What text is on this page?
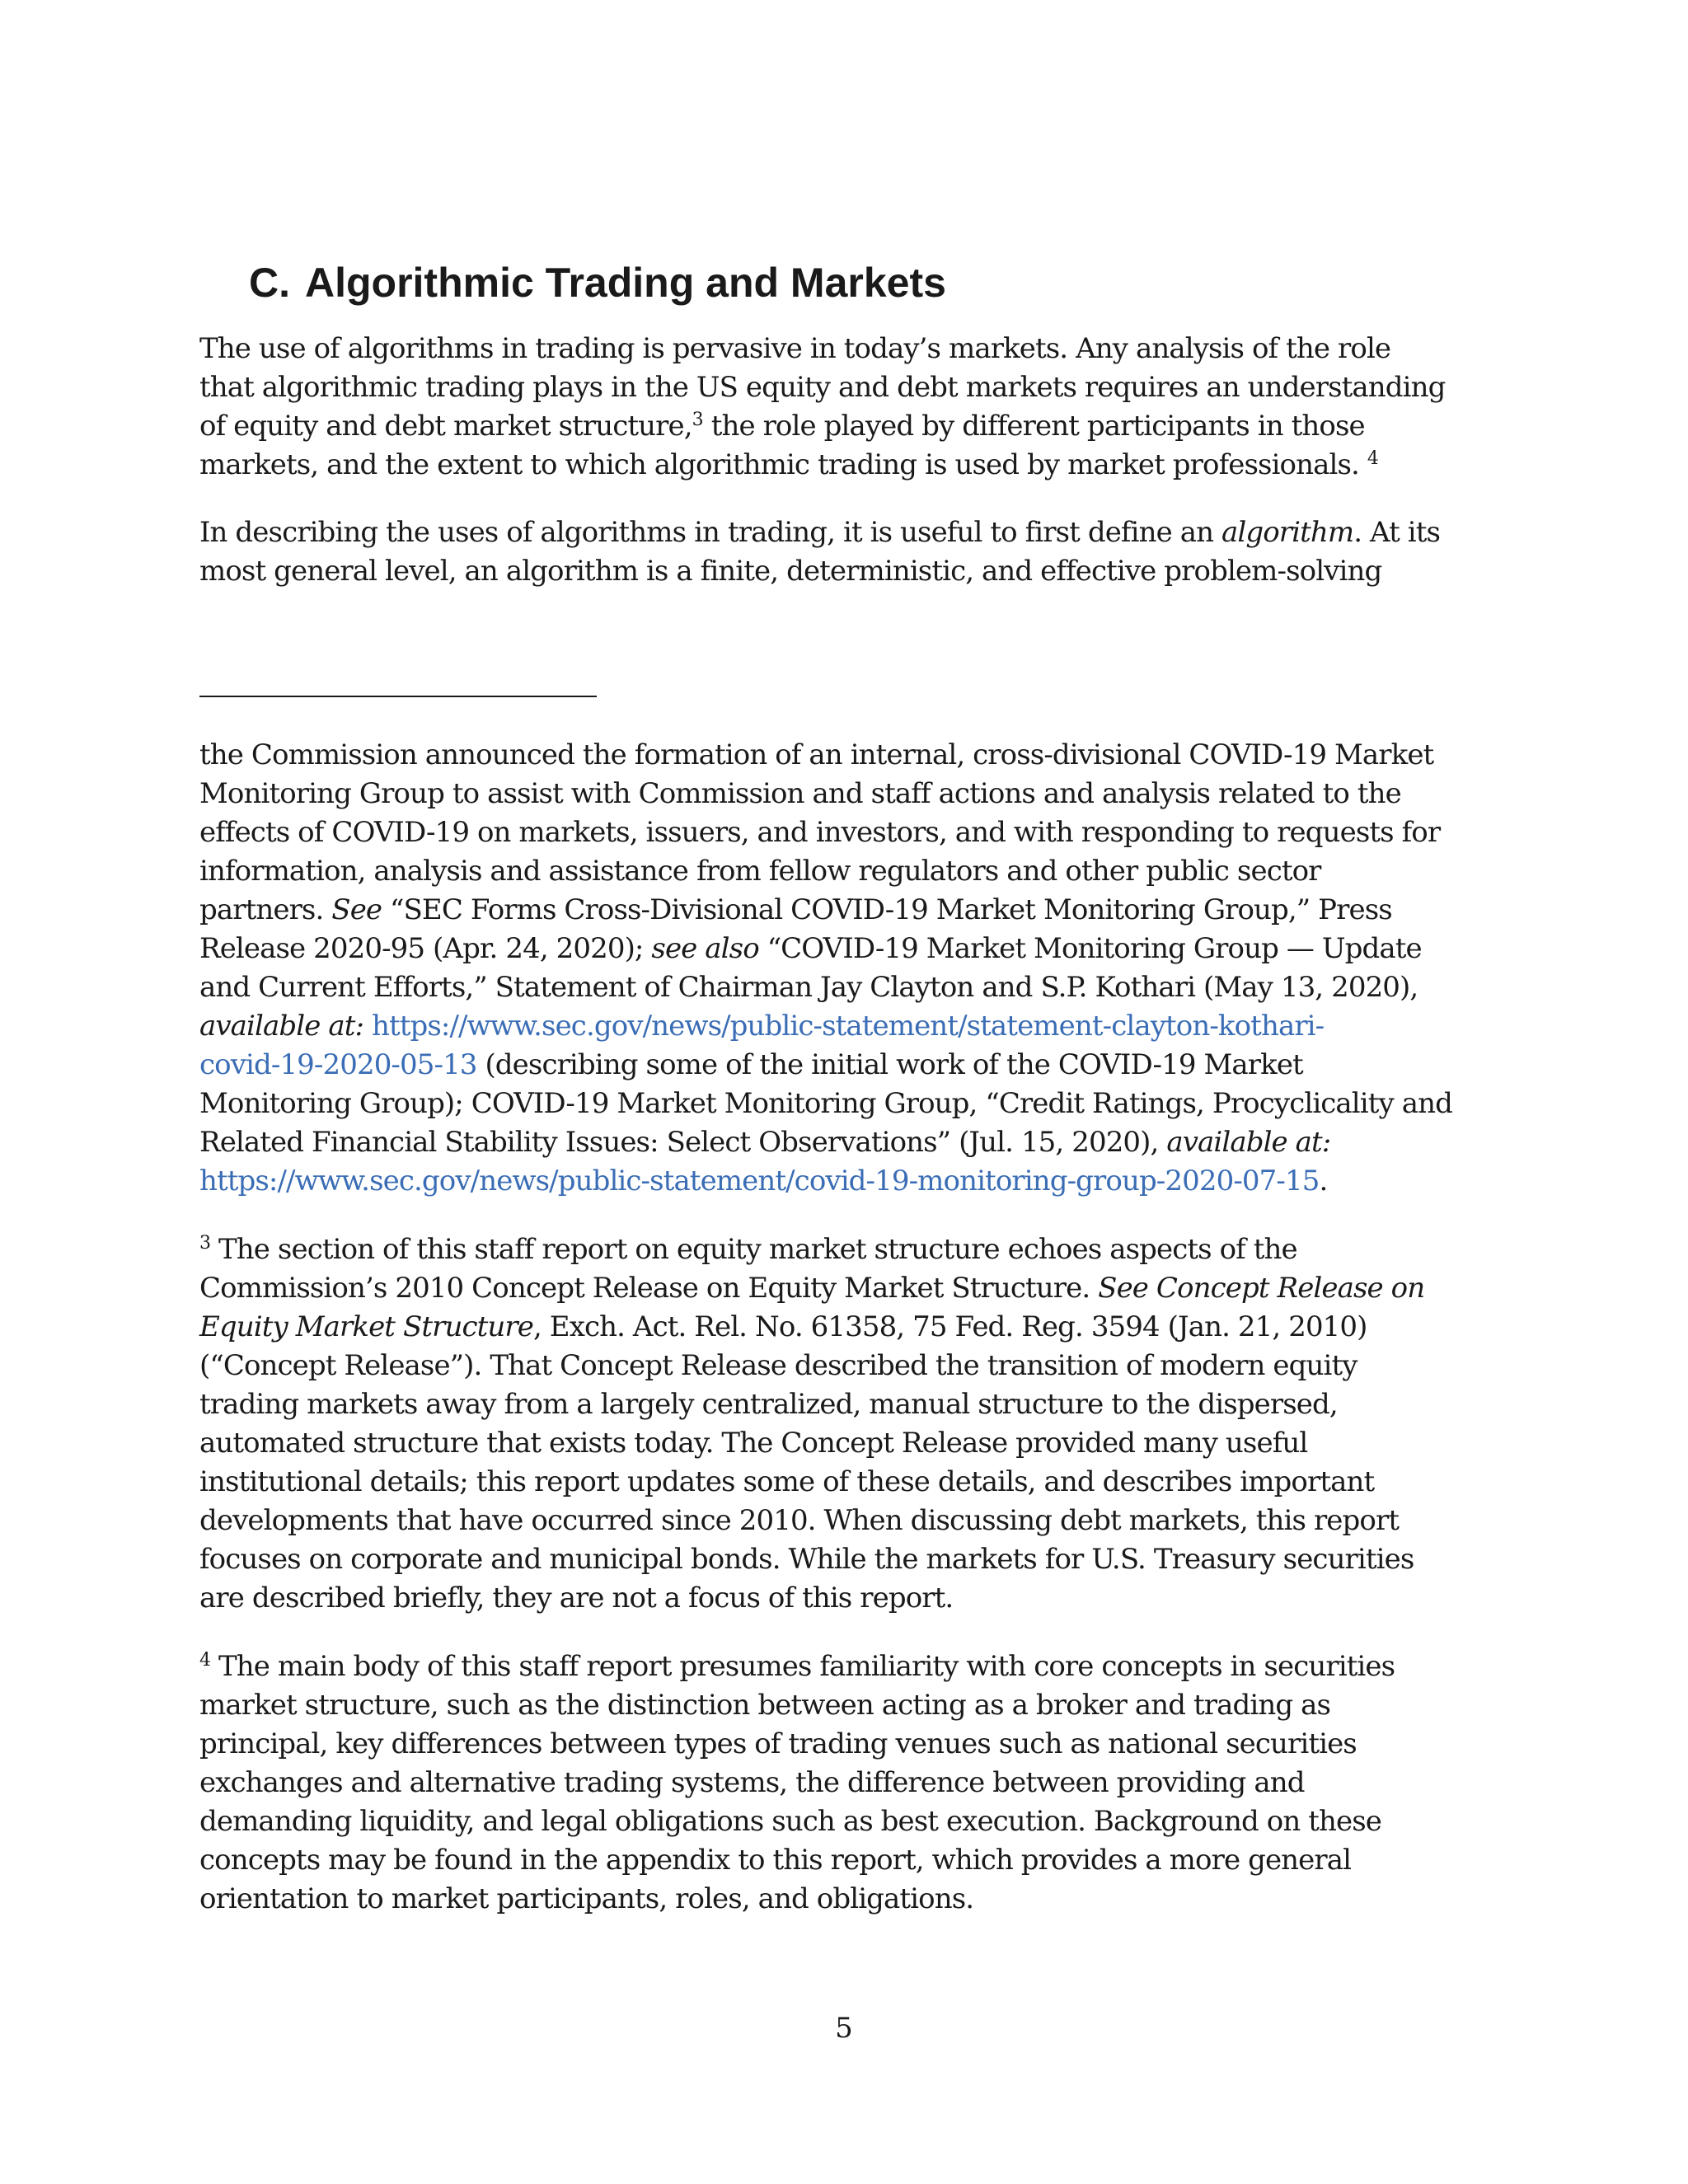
C. Algorithmic Trading and Markets

The use of algorithms in trading is pervasive in today’s markets. Any analysis of the role
that algorithmic trading plays in the US equity and debt markets requires an understanding
of equity and debt market structure,$^3$ the role played by different participants in those
markets, and the extent to which algorithmic trading is used by market professionals. $^4$

In describing the uses of algorithms in trading, it is useful to first define an algorithm. At its
most general level, an algorithm is a finite, deterministic, and effective problem-solving

the Commission announced the formation of an internal, cross-divisional COVID-19 Market
Monitoring Group to assist with Commission and staff actions and analysis related to the
effects of COVID-19 on markets, issuers, and investors, and with responding to requests for
information, analysis and assistance from fellow regulators and other public sector
partners. See “SEC Forms Cross-Divisional COVID-19 Market Monitoring Group,” Press
Release 2020-95 (Apr. 24, 2020); see also “COVID-19 Market Monitoring Group — Update
and Current Efforts,” Statement of Chairman Jay Clayton and S.P. Kothari (May 13, 2020),
available at: https://www.sec.gov/news/public-statement/statement-clayton-kothari-
covid-19-2020-05-13 (describing some of the initial work of the COVID-19 Market
Monitoring Group); COVID-19 Market Monitoring Group, “Credit Ratings, Procyclicality and
Related Financial Stability Issues: Select Observations” (Jul. 15, 2020), available at:
https://www.sec.gov/news/public-statement/covid-19-monitoring-group-2020-07-15.

$^3$ The section of this staff report on equity market structure echoes aspects of the
Commission’s 2010 Concept Release on Equity Market Structure. See Concept Release on
Equity Market Structure, Exch. Act. Rel. No. 61358, 75 Fed. Reg. 3594 (Jan. 21, 2010)
(“Concept Release”). That Concept Release described the transition of modern equity
trading markets away from a largely centralized, manual structure to the dispersed,
automated structure that exists today. The Concept Release provided many useful
institutional details; this report updates some of these details, and describes important
developments that have occurred since 2010. When discussing debt markets, this report
focuses on corporate and municipal bonds. While the markets for U.S. Treasury securities
are described briefly, they are not a focus of this report.

$^4$ The main body of this staff report presumes familiarity with core concepts in securities
market structure, such as the distinction between acting as a broker and trading as
principal, key differences between types of trading venues such as national securities
exchanges and alternative trading systems, the difference between providing and
demanding liquidity, and legal obligations such as best execution. Background on these
concepts may be found in the appendix to this report, which provides a more general
orientation to market participants, roles, and obligations.

5
